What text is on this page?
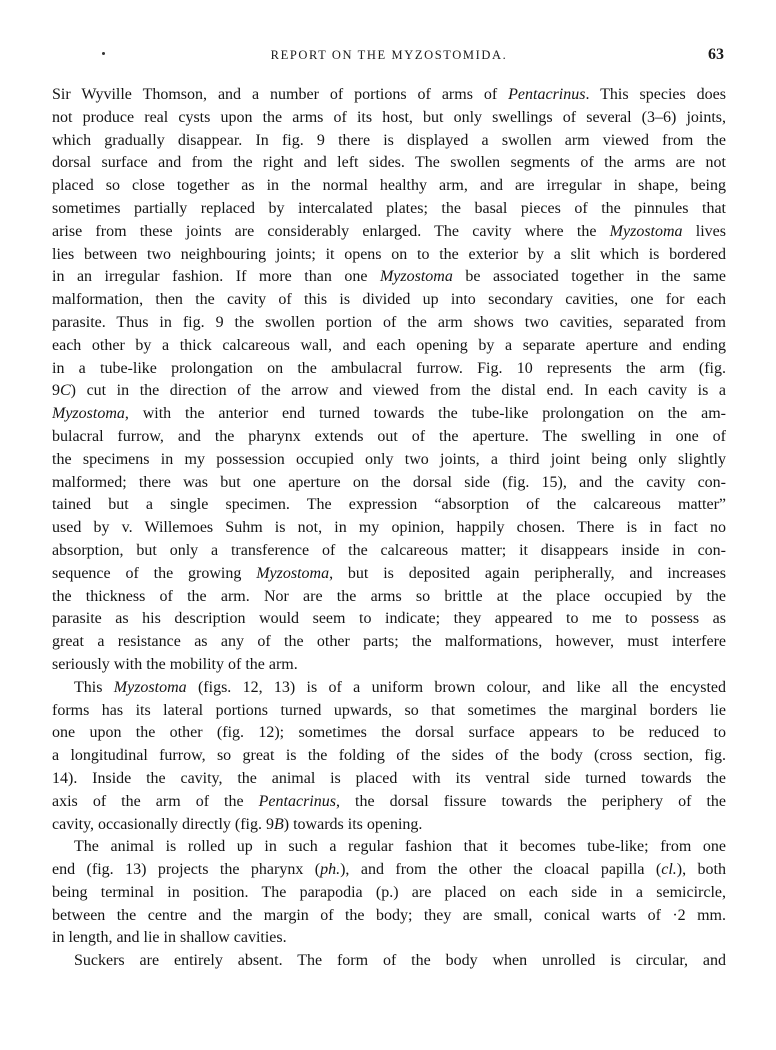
REPORT ON THE MYZOSTOMIDA.	63
Sir Wyville Thomson, and a number of portions of arms of Pentacrinus. This species does
not produce real cysts upon the arms of its host, but only swellings of several (3–6) joints,
which gradually disappear. In fig. 9 there is displayed a swollen arm viewed from the
dorsal surface and from the right and left sides. The swollen segments of the arms are not
placed so close together as in the normal healthy arm, and are irregular in shape, being
sometimes partially replaced by intercalated plates; the basal pieces of the pinnules that
arise from these joints are considerably enlarged. The cavity where the Myzostoma lives
lies between two neighbouring joints; it opens on to the exterior by a slit which is bordered
in an irregular fashion. If more than one Myzostoma be associated together in the same
malformation, then the cavity of this is divided up into secondary cavities, one for each
parasite. Thus in fig. 9 the swollen portion of the arm shows two cavities, separated from
each other by a thick calcareous wall, and each opening by a separate aperture and ending
in a tube-like prolongation on the ambulacral furrow. Fig. 10 represents the arm (fig.
9C) cut in the direction of the arrow and viewed from the distal end. In each cavity is a
Myzostoma, with the anterior end turned towards the tube-like prolongation on the am-
bulacral furrow, and the pharynx extends out of the aperture. The swelling in one of
the specimens in my possession occupied only two joints, a third joint being only slightly
malformed; there was but one aperture on the dorsal side (fig. 15), and the cavity con-
tained but a single specimen. The expression “absorption of the calcareous matter”
used by v. Willemoes Suhm is not, in my opinion, happily chosen. There is in fact no
absorption, but only a transference of the calcareous matter; it disappears inside in con-
sequence of the growing Myzostoma, but is deposited again peripherally, and increases
the thickness of the arm. Nor are the arms so brittle at the place occupied by the
parasite as his description would seem to indicate; they appeared to me to possess as
great a resistance as any of the other parts; the malformations, however, must interfere
seriously with the mobility of the arm.
This Myzostoma (figs. 12, 13) is of a uniform brown colour, and like all the encysted
forms has its lateral portions turned upwards, so that sometimes the marginal borders lie
one upon the other (fig. 12); sometimes the dorsal surface appears to be reduced to
a longitudinal furrow, so great is the folding of the sides of the body (cross section, fig.
14). Inside the cavity, the animal is placed with its ventral side turned towards the
axis of the arm of the Pentacrinus, the dorsal fissure towards the periphery of the
cavity, occasionally directly (fig. 9B) towards its opening.
The animal is rolled up in such a regular fashion that it becomes tube-like; from one
end (fig. 13) projects the pharynx (ph.), and from the other the cloacal papilla (cl.), both
being terminal in position. The parapodia (p.) are placed on each side in a semicircle,
between the centre and the margin of the body; they are small, conical warts of ·2 mm.
in length, and lie in shallow cavities.
Suckers are entirely absent. The form of the body when unrolled is circular, and
